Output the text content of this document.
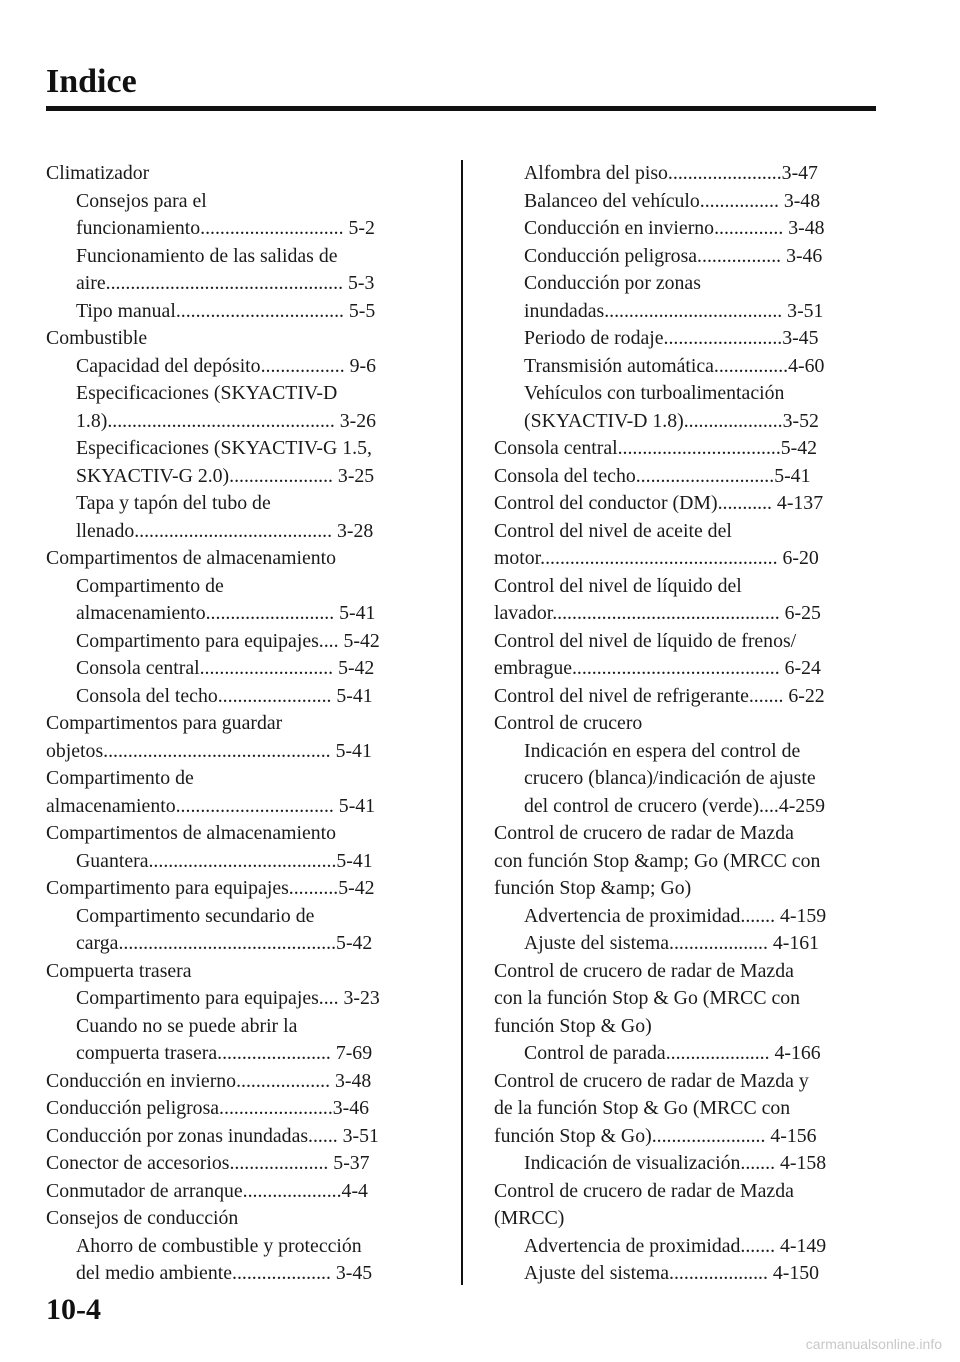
Indice
Climatizador
Consejos para el
funcionamiento............................. 5-2
Funcionamiento de las salidas de
aire................................................ 5-3
Tipo manual.................................. 5-5
Combustible
Capacidad del depósito................. 9-6
Especificaciones (SKYACTIV-D
1.8).............................................. 3-26
Especificaciones (SKYACTIV-G 1.5,
SKYACTIV-G 2.0)..................... 3-25
Tapa y tapón del tubo de
llenado........................................ 3-28
Compartimentos de almacenamiento
Compartimento de
almacenamiento.......................... 5-41
Compartimento para equipajes.... 5-42
Consola central........................... 5-42
Consola del techo....................... 5-41
Compartimentos para guardar
objetos.............................................. 5-41
Compartimento de
almacenamiento................................ 5-41
Compartimentos de almacenamiento
Guantera......................................5-41
Compartimento para equipajes..........5-42
Compartimento secundario de
carga............................................5-42
Compuerta trasera
Compartimento para equipajes.... 3-23
Cuando no se puede abrir la
compuerta trasera....................... 7-69
Conducción en invierno................... 3-48
Conducción peligrosa.......................3-46
Conducción por zonas inundadas...... 3-51
Conector de accesorios.................... 5-37
Conmutador de arranque....................4-4
Consejos de conducción
Ahorro de combustible y protección
del medio ambiente.................... 3-45
Alfombra del piso.......................3-47
Balanceo del vehículo................ 3-48
Conducción en invierno.............. 3-48
Conducción peligrosa................. 3-46
Conducción por zonas
inundadas.................................... 3-51
Periodo de rodaje........................3-45
Transmisión automática...............4-60
Vehículos con turboalimentación
(SKYACTIV-D 1.8)....................3-52
Consola central.................................5-42
Consola del techo............................5-41
Control del conductor (DM)........... 4-137
Control del nivel de aceite del
motor................................................ 6-20
Control del nivel de líquido del
lavador.............................................. 6-25
Control del nivel de líquido de frenos/
embrague.......................................... 6-24
Control del nivel de refrigerante....... 6-22
Control de crucero
Indicación en espera del control de
crucero (blanca)/indicación de ajuste
del control de crucero (verde)....4-259
Control de crucero de radar de Mazda
con función Stop &amp; Go (MRCC con
función Stop &amp; Go)
Advertencia de proximidad....... 4-159
Ajuste del sistema.................... 4-161
Control de crucero de radar de Mazda
con la función Stop & Go (MRCC con
función Stop & Go)
Control de parada..................... 4-166
Control de crucero de radar de Mazda y
de la función Stop & Go (MRCC con
función Stop & Go)....................... 4-156
Indicación de visualización....... 4-158
Control de crucero de radar de Mazda
(MRCC)
Advertencia de proximidad....... 4-149
Ajuste del sistema.................... 4-150
10-4
carmanualsonline.info
